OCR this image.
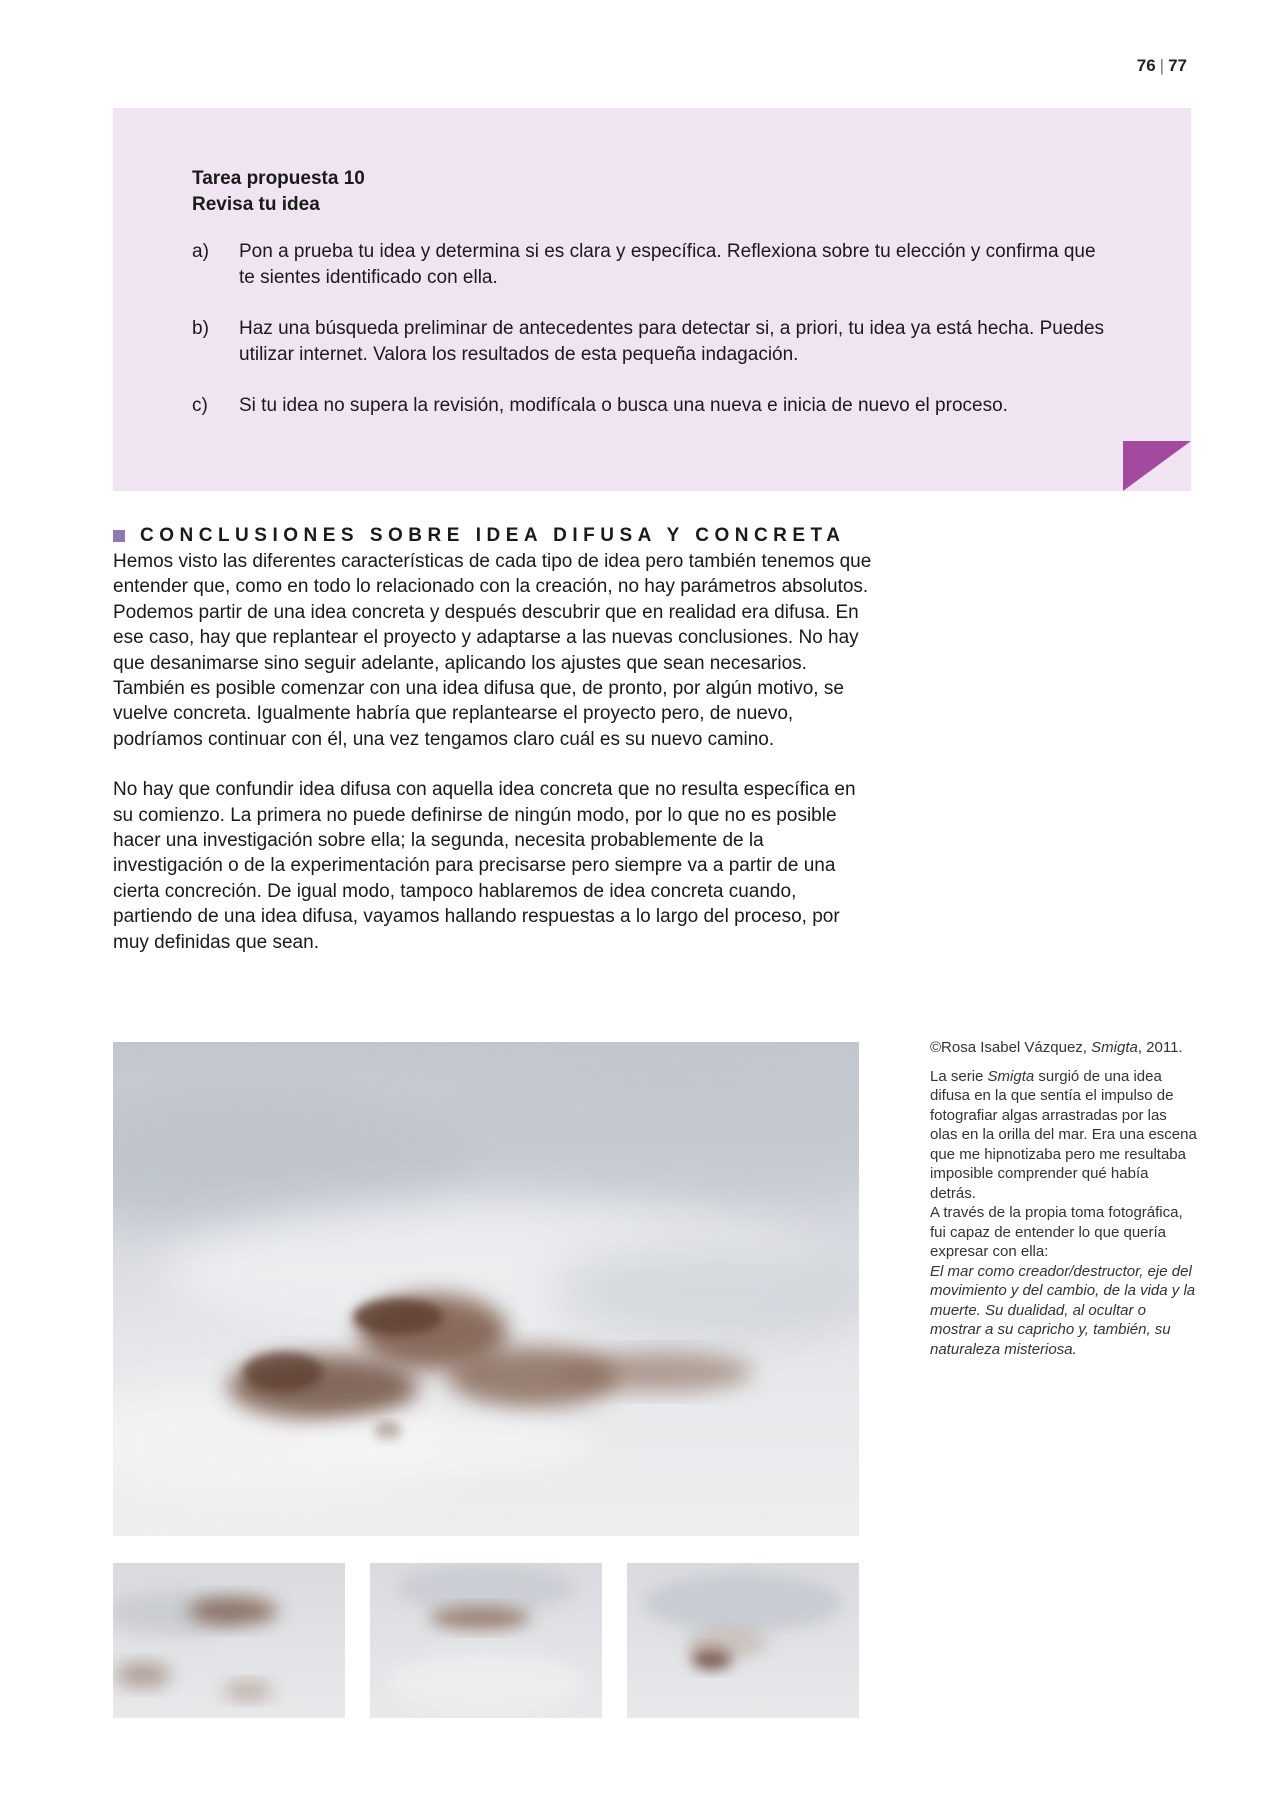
76 | 77
Tarea propuesta 10
Revisa tu idea
a)	Pon a prueba tu idea y determina si es clara y específica. Reflexiona sobre tu elección y confirma que te sientes identificado con ella.
b)	Haz una búsqueda preliminar de antecedentes para detectar si, a priori, tu idea ya está hecha. Puedes utilizar internet. Valora los resultados de esta pequeña indagación.
c)	Si tu idea no supera la revisión, modifícala o busca una nueva e inicia de nuevo el proceso.
CONCLUSIONES SOBRE IDEA DIFUSA Y CONCRETA

Hemos visto las diferentes características de cada tipo de idea pero también tenemos que entender que, como en todo lo relacionado con la creación, no hay parámetros absolutos. Podemos partir de una idea concreta y después descubrir que en realidad era difusa. En ese caso, hay que replantear el proyecto y adaptarse a las nuevas conclusiones. No hay que desanimarse sino seguir adelante, aplicando los ajustes que sean necesarios. También es posible comenzar con una idea difusa que, de pronto, por algún motivo, se vuelve concreta. Igualmente habría que replantearse el proyecto pero, de nuevo, podríamos continuar con él, una vez tengamos claro cuál es su nuevo camino.

No hay que confundir idea difusa con aquella idea concreta que no resulta específica en su comienzo. La primera no puede definirse de ningún modo, por lo que no es posible hacer una investigación sobre ella; la segunda, necesita probablemente de la investigación o de la experimentación para precisarse pero siempre va a partir de una cierta concreción. De igual modo, tampoco hablaremos de idea concreta cuando, partiendo de una idea difusa, vayamos hallando respuestas a lo largo del proceso, por muy definidas que sean.

©Rosa Isabel Vázquez, Smigta, 2011.

La serie Smigta surgió de una idea difusa en la que sentía el impulso de fotografiar algas arrastradas por las olas en la orilla del mar. Era una escena que me hipnotizaba pero me resultaba imposible comprender qué había detrás.
A través de la propia toma fotográfica, fui capaz de entender lo que quería expresar con ella:
El mar como creador/destructor, eje del movimiento y del cambio, de la vida y la muerte. Su dualidad, al ocultar o mostrar a su capricho y, también, su naturaleza misteriosa.
